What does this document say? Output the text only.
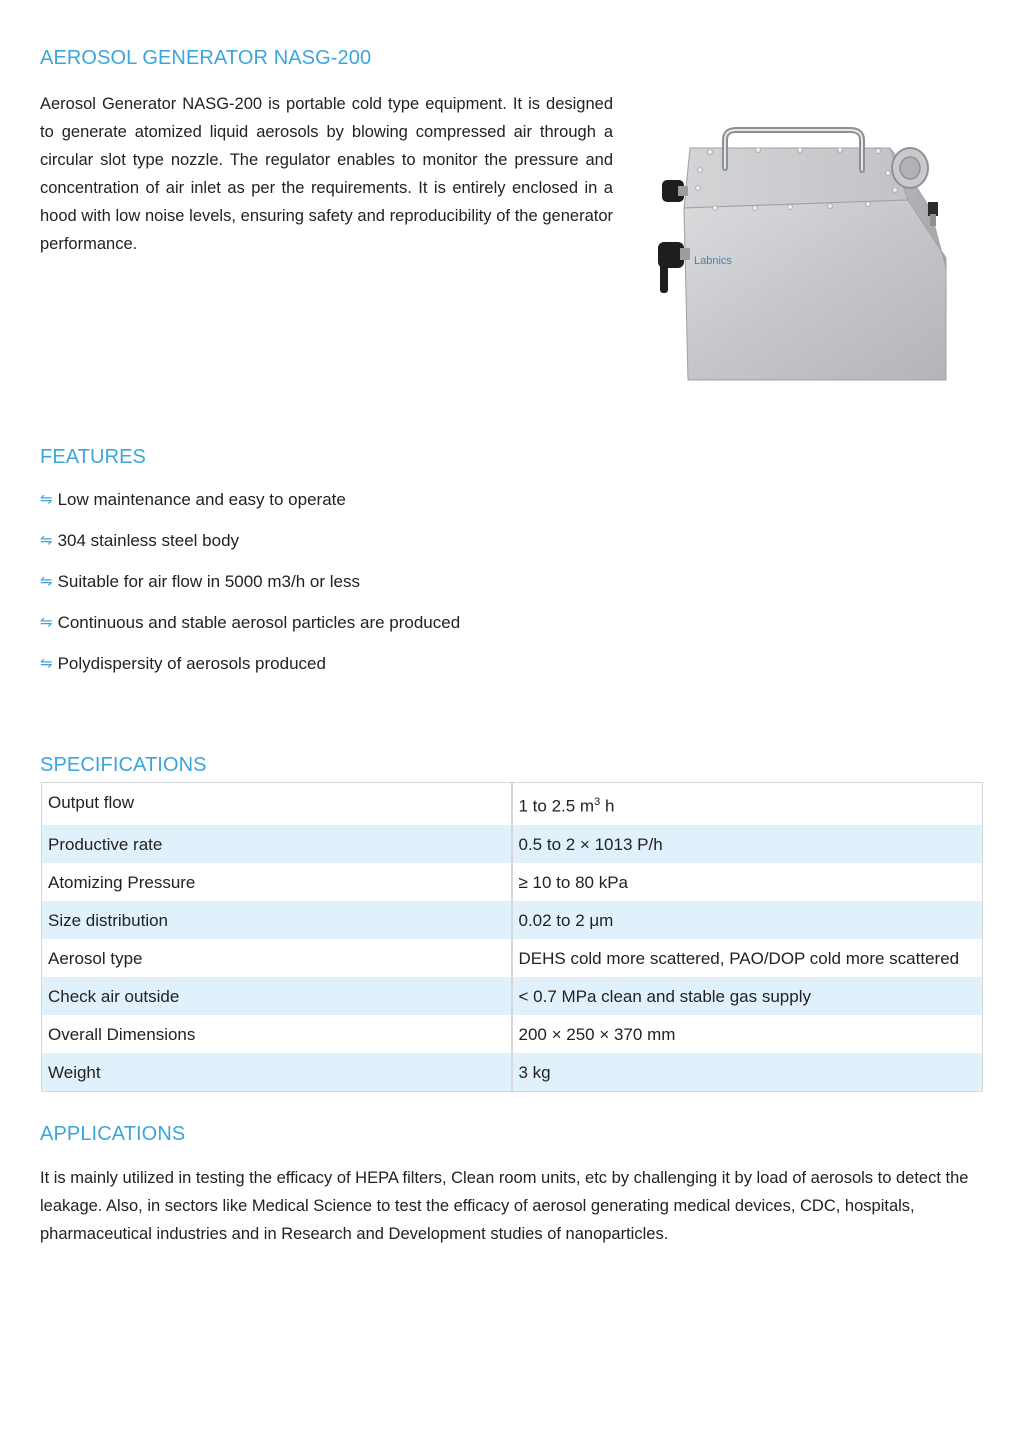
AEROSOL GENERATOR NASG-200

Aerosol Generator NASG-200 is portable cold type equipment. It is designed to generate atomized liquid aerosols by blowing compressed air through a circular slot type nozzle. The regulator enables to monitor the pressure and concentration of air inlet as per the requirements. It is entirely enclosed in a hood with low noise levels, ensuring safety and reproducibility of the generator performance.

Labnics
FEATURES
⇋ Low maintenance and easy to operate
⇋ 304 stainless steel body
⇋ Suitable for air flow in 5000 m3/h or less
⇋ Continuous and stable aerosol particles are produced
⇋ Polydispersity of aerosols produced
SPECIFICATIONS
Output flow	1 to 2.5 $m^3$ h
Productive rate	0.5 to 2 × 1013 P/h
Atomizing Pressure	≥ 10 to 80 kPa
Size distribution	0.02 to 2 μm
Aerosol type	DEHS cold more scattered, PAO/DOP cold more scattered
Check air outside	< 0.7 MPa clean and stable gas supply
Overall Dimensions	200 × 250 × 370 mm
Weight	3 kg
APPLICATIONS

It is mainly utilized in testing the efficacy of HEPA filters, Clean room units, etc by challenging it by load of aerosols to detect the leakage. Also, in sectors like Medical Science to test the efficacy of aerosol generating medical devices, CDC, hospitals, pharmaceutical industries and in Research and Development studies of nanoparticles.
